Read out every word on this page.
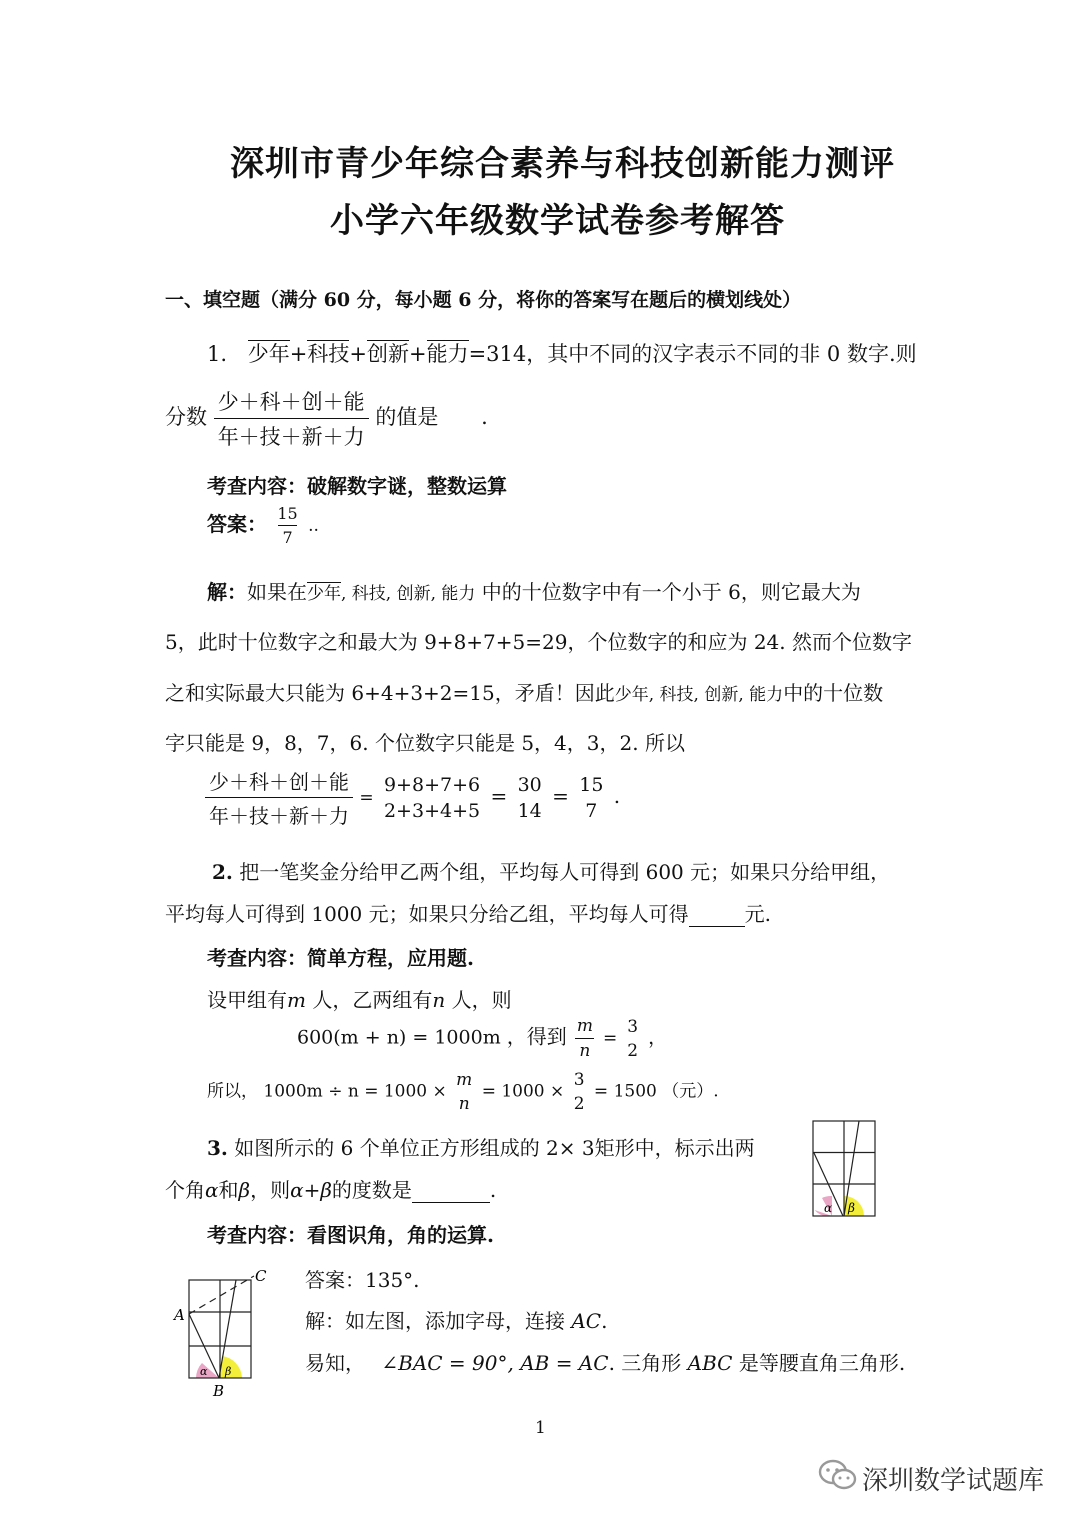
深圳市青少年综合素养与科技创新能力测评
小学六年级数学试卷参考解答
一、填空题（满分 60 分，每小题 6 分，将你的答案写在题后的横划线处）
1. 少年+科技+创新+能力=314，其中不同的汉字表示不同的非 0 数字.则
分数 $\frac{\text{少＋科＋创＋能}}{\text{年＋技＋新＋力}}$ 的值是 .
考查内容：破解数字谜，整数运算
答案： $\frac{15}{7}$ ..
解：如果在少年, 科技, 创新, 能力 中的十位数字中有一个小于 6，则它最大为
5，此时十位数字之和最大为 9+8+7+5=29，个位数字的和应为 24. 然而个位数字
之和实际最大只能为 6+4+3+2=15，矛盾！因此少年, 科技, 创新, 能力中的十位数
字只能是 9，8，7，6. 个位数字只能是 5，4，3，2. 所以
$\frac{\text{少＋科＋创＋能}}{\text{年＋技＋新＋力}}$ =
9+8+7+6
2+3+4+5
= 30
14
= 15
7
.
2. 把一笔奖金分给甲乙两个组，平均每人可得到 600 元；如果只分给甲组，
平均每人可得到 1000 元；如果只分给乙组，平均每人可得	元.
考查内容：简单方程，应用题.
设甲组有m 人，乙两组有n 人，则
600(m + n) = 1000m ，得到 $\frac{m}{n}$ =
3
2
，
所以， 1000m ÷ n = 1000 ×
m
n
= 1000 ×
3
2
= 1500 （元）.
3. 如图所示的 6 个单位正方形组成的 2× 3矩形中，标示出两
个角α和β，则α+β的度数是	.
考查内容：看图识角，角的运算.
α β
A
B
C
α β
答案：135°.
解：如左图，添加字母，连接 AC.
易知， ∠BAC = 90°, AB = AC. 三角形 ABC 是等腰直角三角形.
1
深圳数学试题库
